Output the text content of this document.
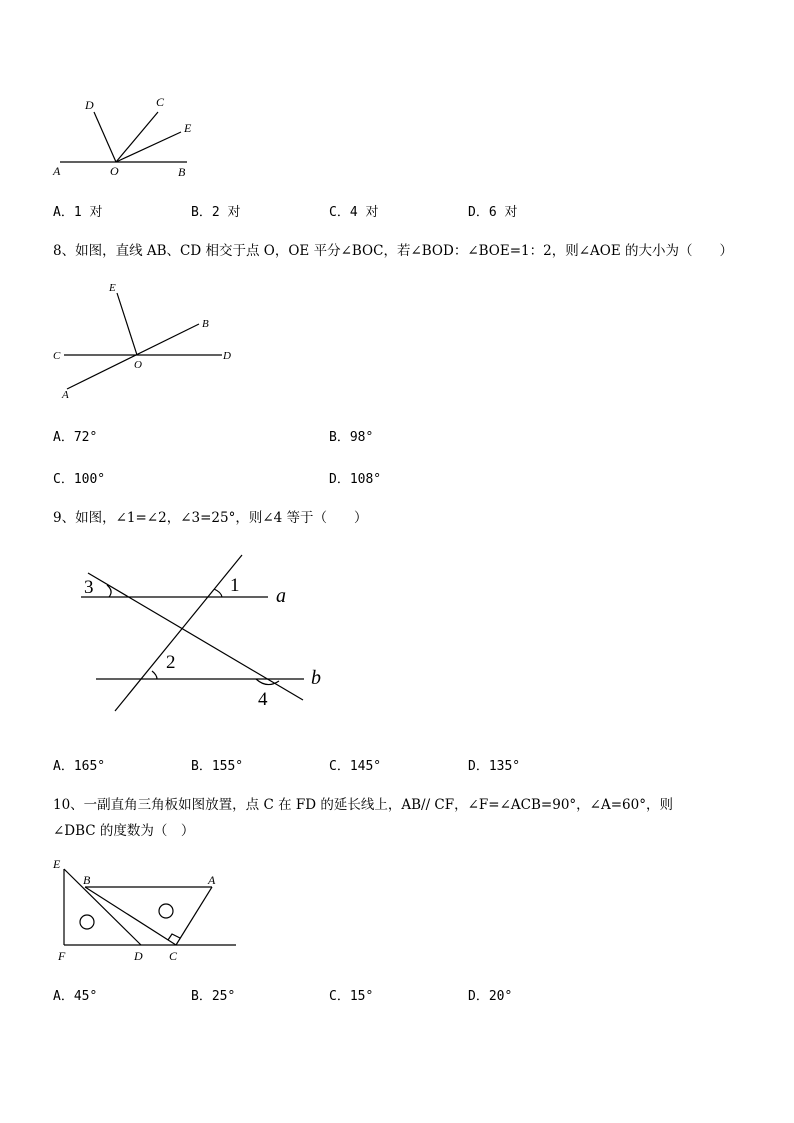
D	C
E
A	O	B
A．1 对	B．2 对	C．4 对	D．6 对
8、如图，直线 AB、CD 相交于点 O，OE 平分∠BOC，若∠BOD：∠BOE=1：2，则∠AOE 的大小为（　　）
E
B
C
O
D
A
A．72°	B．98°
C．100°	D．108°
9、如图，∠1=∠2，∠3=25°，则∠4 等于（　　）
3	1 a
2
b
4
A．165°	B．155°	C．145°	D．135°
10、一副直角三角板如图放置，点 C 在 FD 的延长线上，AB// CF，∠F=∠ACB=90°，∠A=60°，则
∠DBC 的度数为（　）
E
B	A
F	D C
A．45°	B．25°	C．15°	D．20°
